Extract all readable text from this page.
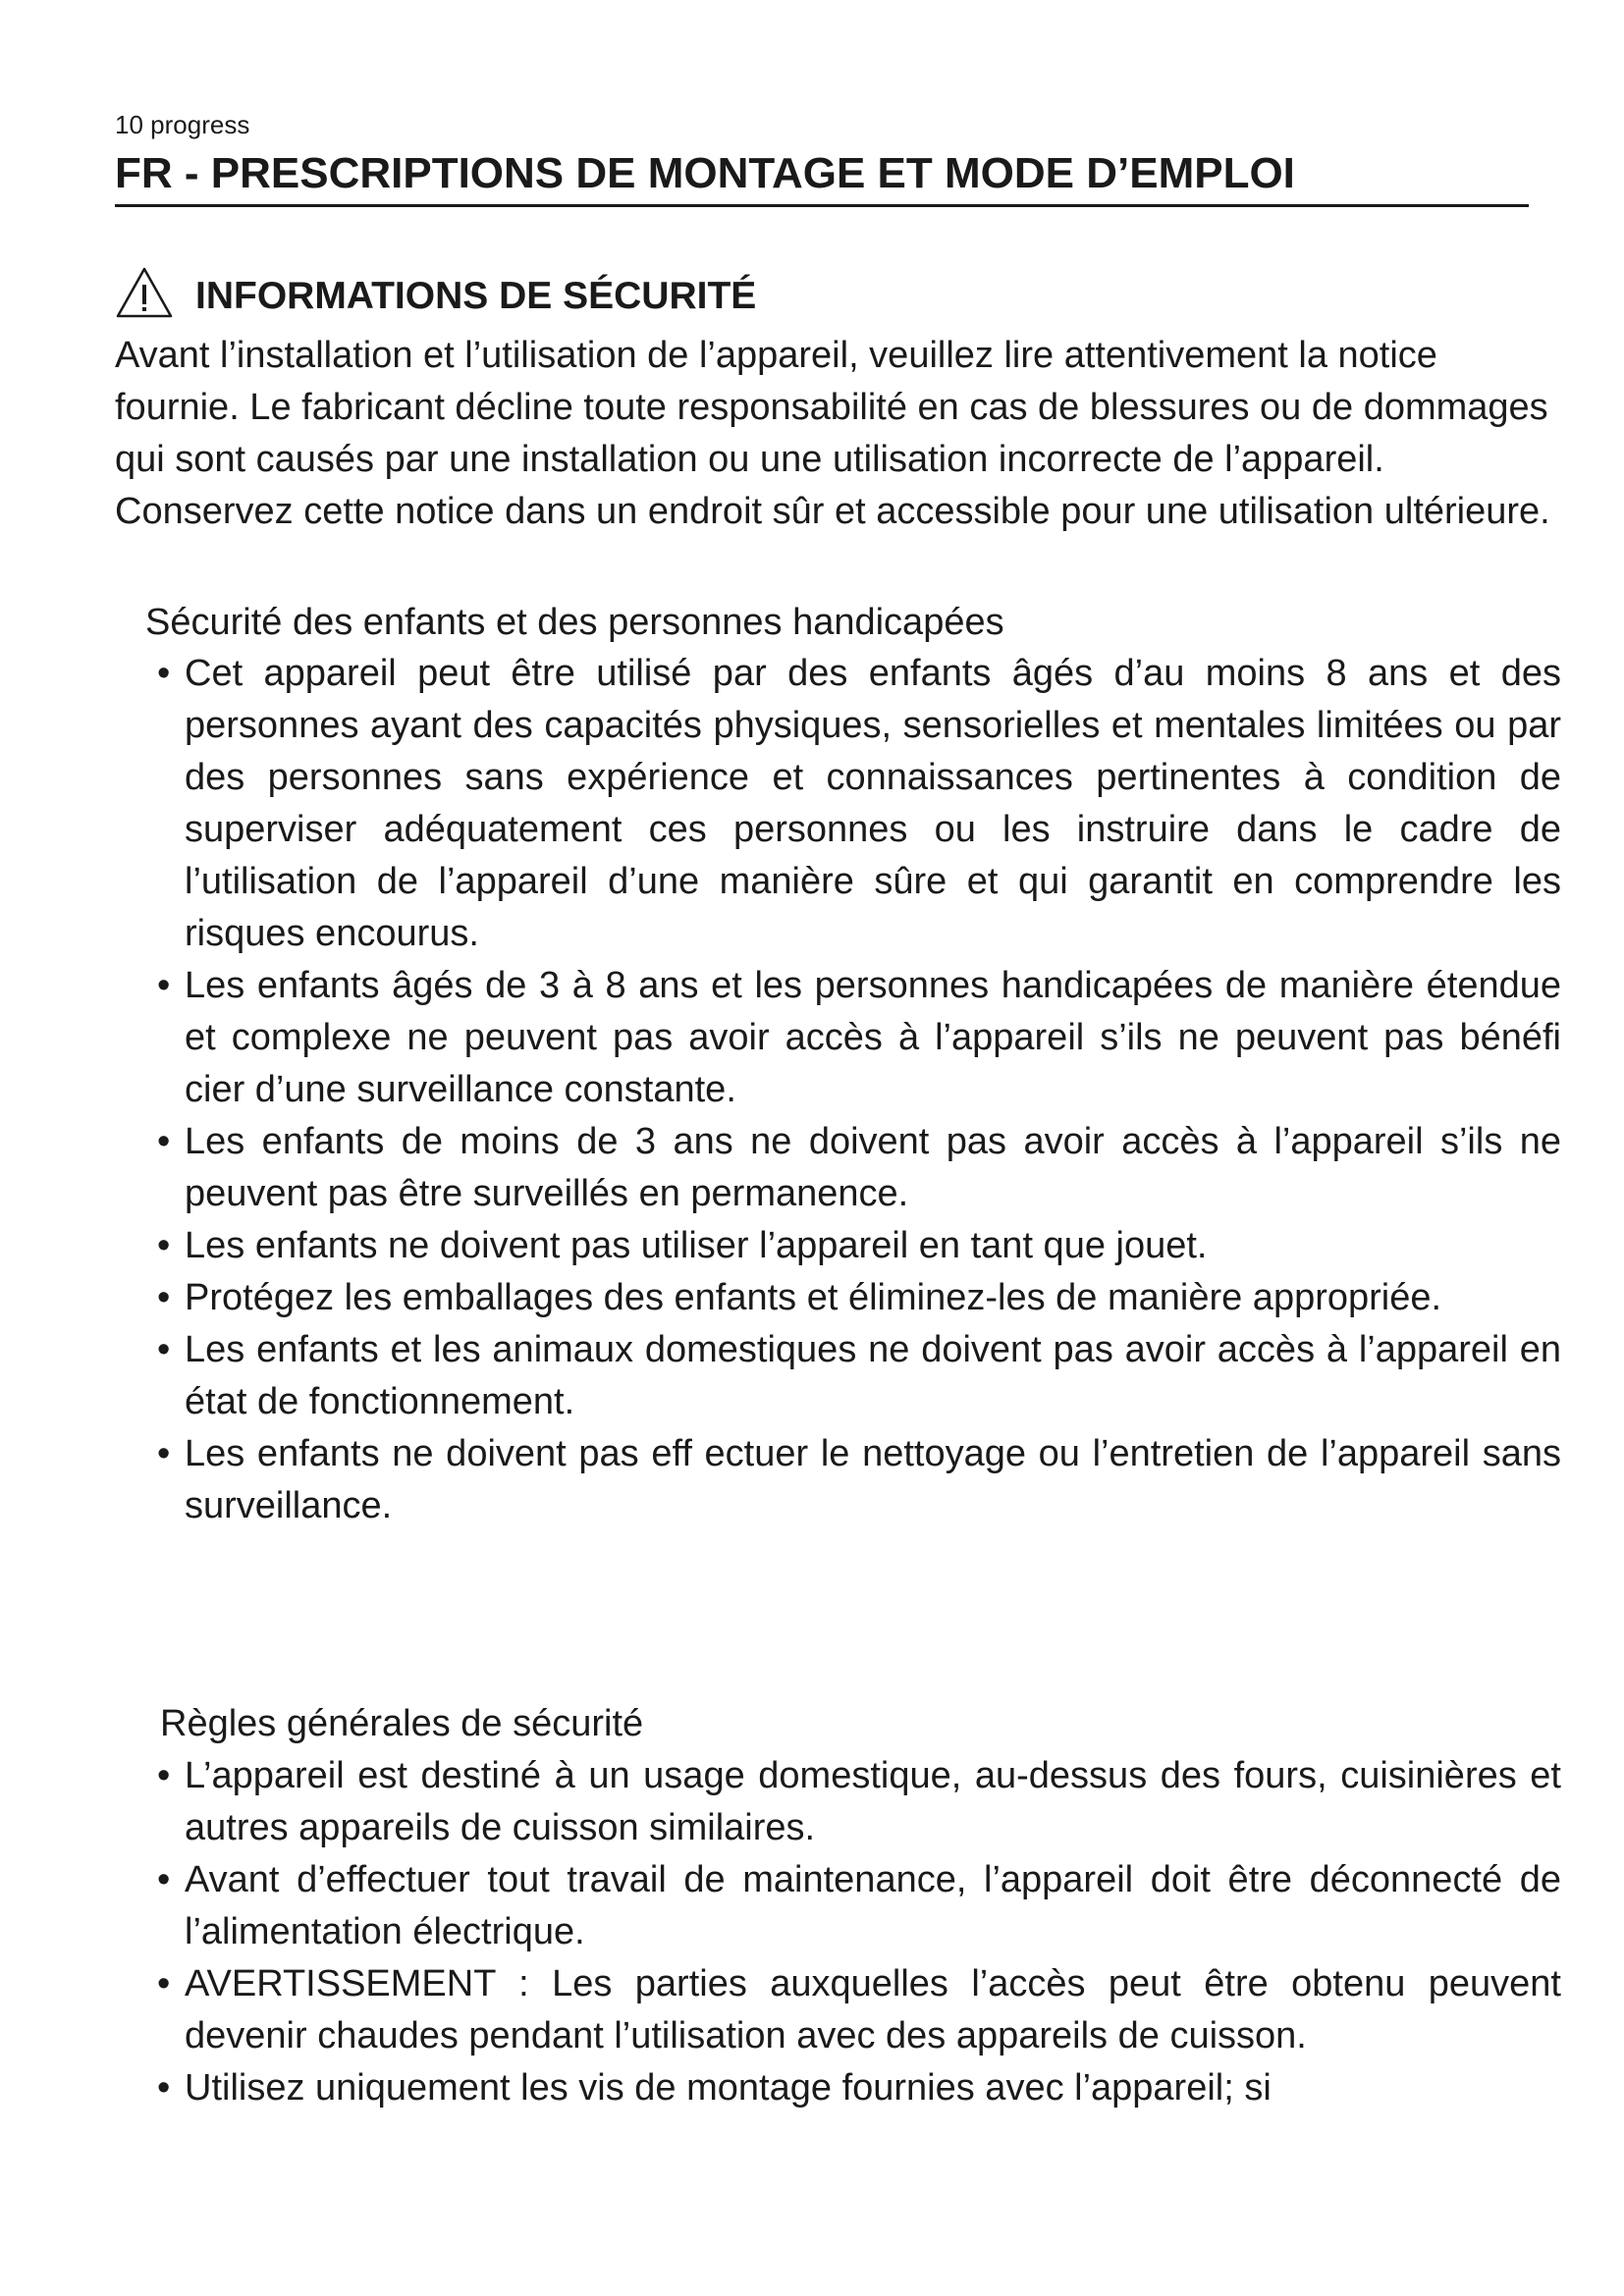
10 progress
FR - PRESCRIPTIONS DE MONTAGE ET MODE D’EMPLOI
INFORMATIONS DE SÉCURITÉ

Avant l’installation et l’utilisation de l’appareil, veuillez lire attentivement la notice fournie. Le fabricant décline toute responsabilité en cas de blessures ou de dommages qui sont causés par une installation ou une utilisation incorrecte de l’appareil. Conservez cette notice dans un endroit sûr et accessible pour une utilisation ultérieure.

Sécurité des enfants et des personnes handicapées

• Cet appareil peut être utilisé par des enfants âgés d’au moins 8 ans et des personnes ayant des capacités physiques, sensorielles et mentales limitées ou par des personnes sans expérience et connaissances pertinentes à condition de superviser adéquatement ces personnes ou les instruire dans le cadre de l’utilisation de l’appareil d’une manière sûre et qui garantit en comprendre les risques encourus.
• Les enfants âgés de 3 à 8 ans et les personnes handicapées de manière étendue et complexe ne peuvent pas avoir accès à l’appareil s’ils ne peuvent pas bénéfi cier d’une surveillance constante.
• Les enfants de moins de 3 ans ne doivent pas avoir accès à l’appareil s’ils ne peuvent pas être surveillés en permanence.
• Les enfants ne doivent pas utiliser l’appareil en tant que jouet.
• Protégez les emballages des enfants et éliminez-les de manière appropriée.
• Les enfants et les animaux domestiques ne doivent pas avoir accès à l’appareil en état de fonctionnement.
• Les enfants ne doivent pas eff ectuer le nettoyage ou l’entretien de l’appareil sans surveillance.

Règles générales de sécurité

• L’appareil est destiné à un usage domestique, au-dessus des fours, cuisinières et autres appareils de cuisson similaires.
• Avant d’effectuer tout travail de maintenance, l’appareil doit être déconnecté de l’alimentation électrique.
• AVERTISSEMENT : Les parties auxquelles l’accès peut être obtenu peuvent devenir chaudes pendant l’utilisation avec des appareils de cuisson.
• Utilisez uniquement les vis de montage fournies avec l’appareil; si
